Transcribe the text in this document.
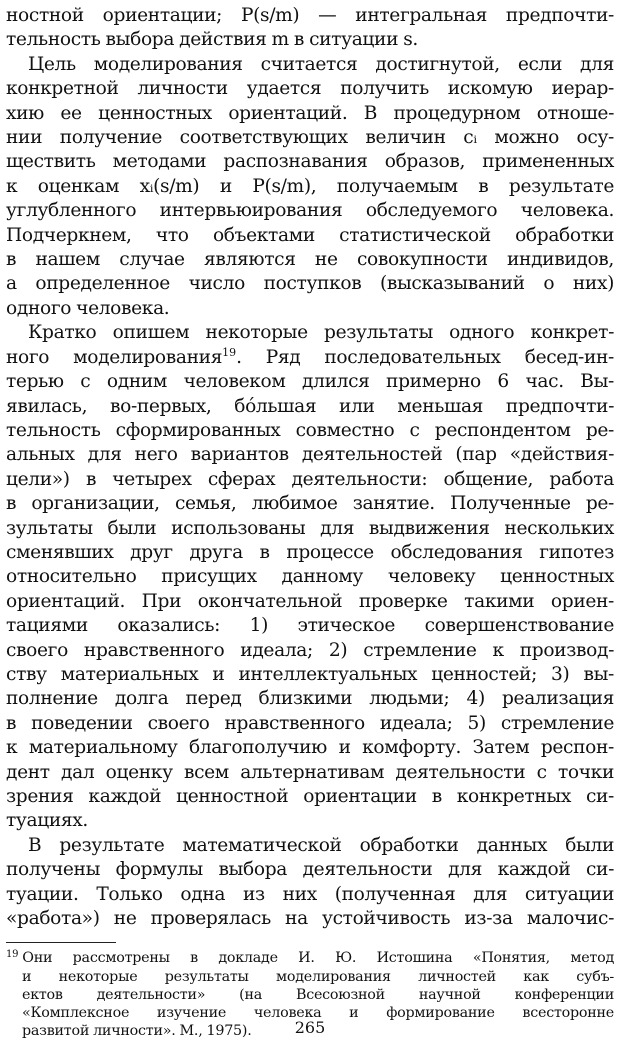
ностной ориентации; P(s/m) — интегральная предпочти-
тельность выбора действия m в ситуации s.

Цель моделирования считается достигнутой, если для
конкретной личности удается получить искомую иерар-
хию ее ценностных ориентаций. В процедурном отноше-
нии получение соответствующих величин cᵢ можно осу-
ществить методами распознавания образов, примененных
к оценкам xᵢ(s/m) и P(s/m), получаемым в результате
углубленного интервьюирования обследуемого человека.
Подчеркнем, что объектами статистической обработки
в нашем случае являются не совокупности индивидов,
а определенное число поступков (высказываний о них)
одного человека.

Кратко опишем некоторые результаты одного конкрет-
ного моделирования$^{19}$. Ряд последовательных бесед-ин-
терью с одним человеком длился примерно 6 час. Вы-
явилась, во-первых, бóльшая или меньшая предпочти-
тельность сформированных совместно с респондентом ре-
альных для него вариантов деятельностей (пар «действия-
цели») в четырех сферах деятельности: общение, работа
в организации, семья, любимое занятие. Полученные ре-
зультаты были использованы для выдвижения нескольких
сменявших друг друга в процессе обследования гипотез
относительно присущих данному человеку ценностных
ориентаций. При окончательной проверке такими ориен-
тациями оказались: 1) этическое совершенствование
своего нравственного идеала; 2) стремление к производ-
ству материальных и интеллектуальных ценностей; 3) вы-
полнение долга перед близкими людьми; 4) реализация
в поведении своего нравственного идеала; 5) стремление
к материальному благополучию и комфорту. Затем респон-
дент дал оценку всем альтернативам деятельности с точки
зрения каждой ценностной ориентации в конкретных си-
туациях.

В результате математической обработки данных были
получены формулы выбора деятельности для каждой си-
туации. Только одна из них (полученная для ситуации
«работа») не проверялась на устойчивость из-за малочис-

$^{19}$ Они рассмотрены в докладе И. Ю. Истошина «Понятия, метод
и некоторые результаты моделирования личностей как субъ-
ектов деятельности» (на Всесоюзной научной конференции
«Комплексное изучение человека и формирование всесторонне
развитой личности». М., 1975).	265
